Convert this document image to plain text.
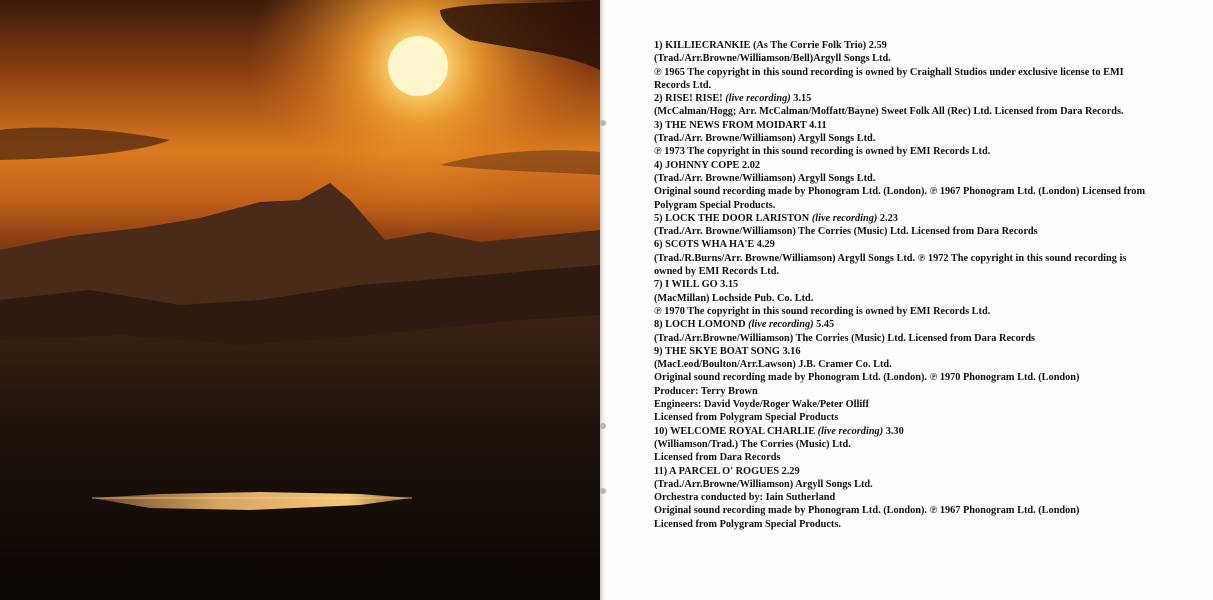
1) KILLIECRANKIE (As The Corrie Folk Trio) 2.59
(Trad./Arr.Browne/Williamson/Bell)Argyll Songs Ltd.
℗ 1965 The copyright in this sound recording is owned by Craighall Studios under exclusive license to EMI Records Ltd.
2) RISE! RISE! (live recording) 3.15
(McCalman/Hogg; Arr. McCalman/Moffatt/Bayne) Sweet Folk All (Rec) Ltd. Licensed from Dara Records.
3) THE NEWS FROM MOIDART 4.11
(Trad./Arr. Browne/Williamson) Argyll Songs Ltd.
℗ 1973 The copyright in this sound recording is owned by EMI Records Ltd.
4) JOHNNY COPE 2.02
(Trad./Arr. Browne/Williamson) Argyll Songs Ltd.
Original sound recording made by Phonogram Ltd. (London). ℗ 1967 Phonogram Ltd. (London) Licensed from Polygram Special Products.
5) LOCK THE DOOR LARISTON (live recording) 2.23
(Trad./Arr. Browne/Williamson) The Corries (Music) Ltd. Licensed from Dara Records
6) SCOTS WHA HA'E 4.29
(Trad./R.Burns/Arr. Browne/Williamson) Argyll Songs Ltd. ℗ 1972 The copyright in this sound recording is owned by EMI Records Ltd.
7) I WILL GO 3.15
(MacMillan) Lochside Pub. Co. Ltd.
℗ 1970 The copyright in this sound recording is owned by EMI Records Ltd.
8) LOCH LOMOND (live recording) 5.45
(Trad./Arr.Browne/Williamson) The Corries (Music) Ltd. Licensed from Dara Records
9) THE SKYE BOAT SONG 3.16
(MacLeod/Boulton/Arr.Lawson) J.B. Cramer Co. Ltd.
Original sound recording made by Phonogram Ltd. (London). ℗ 1970 Phonogram Ltd. (London)
Producer: Terry Brown
Engineers: David Voyde/Roger Wake/Peter Olliff
Licensed from Polygram Special Products
10) WELCOME ROYAL CHARLIE (live recording) 3.30
(Williamson/Trad.) The Corries (Music) Ltd.
Licensed from Dara Records
11) A PARCEL O' ROGUES 2.29
(Trad./Arr.Browne/Williamson) Argyll Songs Ltd.
Orchestra conducted by: Iain Sutherland
Original sound recording made by Phonogram Ltd. (London). ℗ 1967 Phonogram Ltd. (London)
Licensed from Polygram Special Products.
